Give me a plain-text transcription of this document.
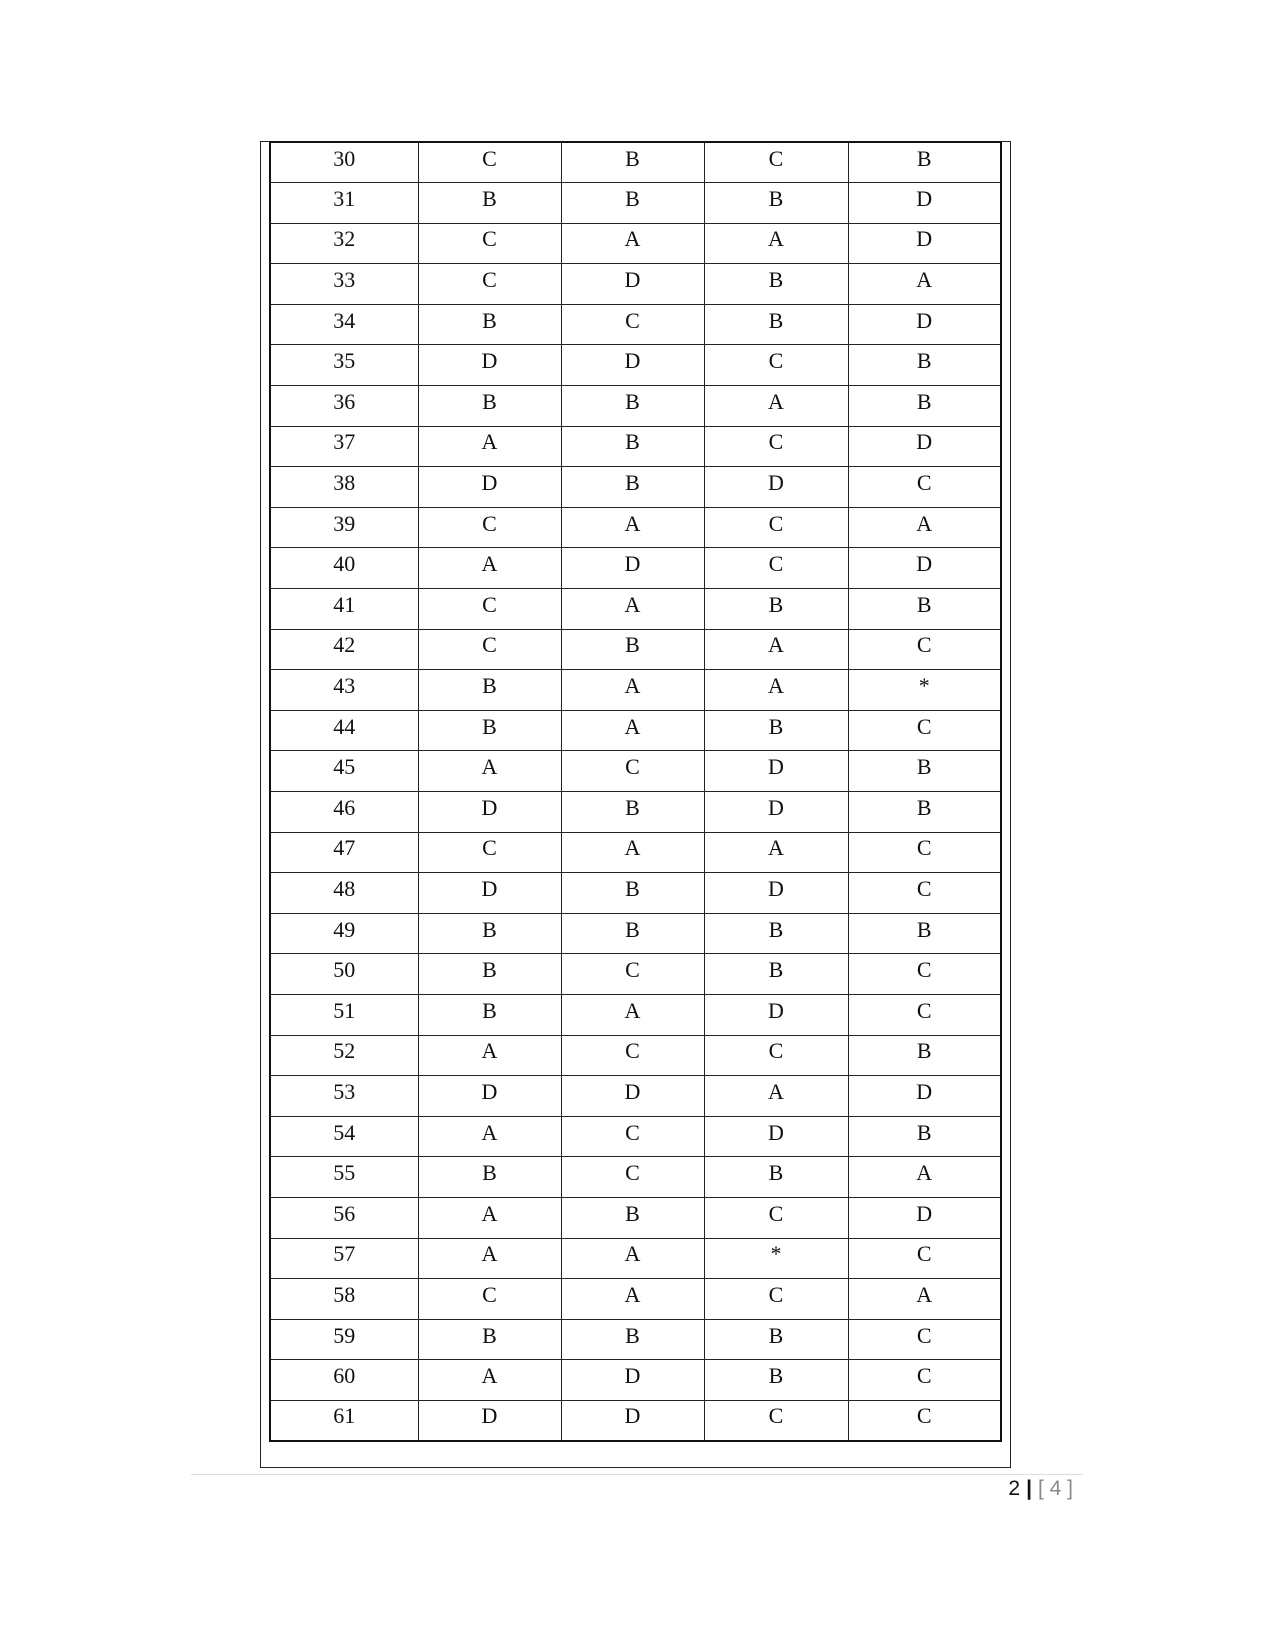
30	C	B	C	B
31	B	B	B	D
32	C	A	A	D
33	C	D	B	A
34	B	C	B	D
35	D	D	C	B
36	B	B	A	B
37	A	B	C	D
38	D	B	D	C
39	C	A	C	A
40	A	D	C	D
41	C	A	B	B
42	C	B	A	C
43	B	A	A	*
44	B	A	B	C
45	A	C	D	B
46	D	B	D	B
47	C	A	A	C
48	D	B	D	C
49	B	B	B	B
50	B	C	B	C
51	B	A	D	C
52	A	C	C	B
53	D	D	A	D
54	A	C	D	B
55	B	C	B	A
56	A	B	C	D
57	A	A	*	C
58	C	A	C	A
59	B	B	B	C
60	A	D	B	C
61	D	D	C	C
2 | [ 4 ]
